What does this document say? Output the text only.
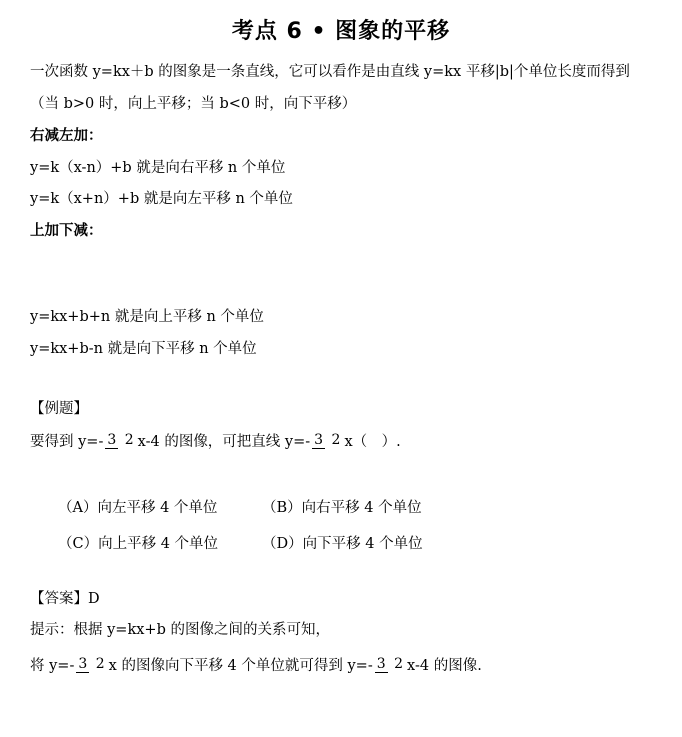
考点 6 • 图象的平移
一次函数 y=kx＋b 的图象是一条直线，它可以看作是由直线 y=kx 平移|b|个单位长度而得到
（当 b>0 时，向上平移；当 b<0 时，向下平移）
右减左加：
y=k（x-n）+b 就是向右平移 n 个单位
y=k（x+n）+b 就是向左平移 n 个单位
上加下减：
y=kx+b+n 就是向上平移 n 个单位
y=kx+b-n 就是向下平移 n 个单位
【例题】
要得到 y=- 3 2 x-4 的图像，可把直线 y=- 3 2 x（　）.
（A）向左平移 4 个单位	（B）向右平移 4 个单位
（C）向上平移 4 个单位	（D）向下平移 4 个单位
【答案】D
提示：根据 y=kx+b 的图像之间的关系可知，
将 y=- 3 2 x 的图像向下平移 4 个单位就可得到 y=- 3 2 x-4 的图像.
